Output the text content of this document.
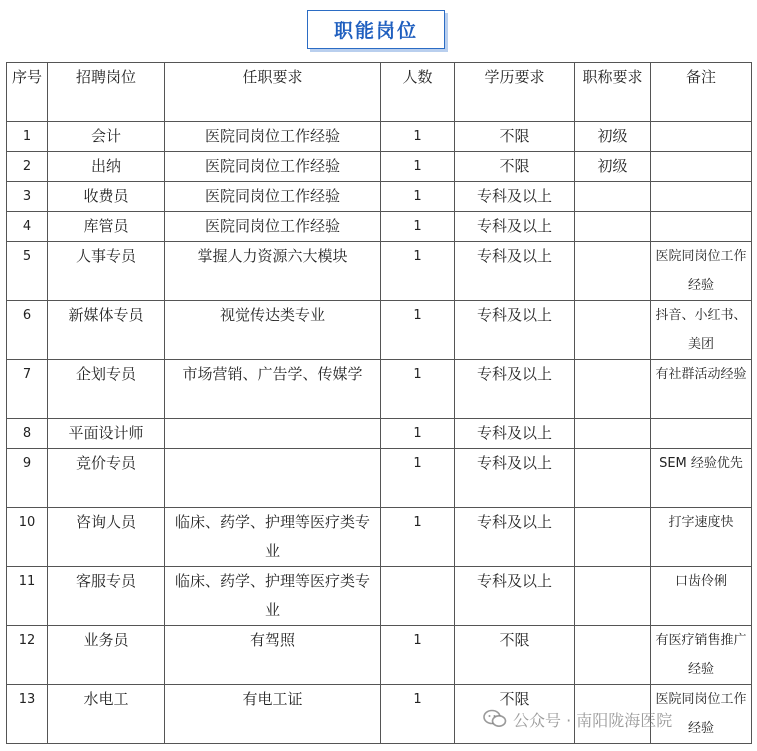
职能岗位
序号	招聘岗位	任职要求	人数	学历要求	职称要求	备注
1	会计	医院同岗位工作经验	1	不限	初级	
2	出纳	医院同岗位工作经验	1	不限	初级	
3	收费员	医院同岗位工作经验	1	专科及以上		
4	库管员	医院同岗位工作经验	1	专科及以上		
5	人事专员	掌握人力资源六大模块	1	专科及以上		医院同岗位工作经验
6	新媒体专员	视觉传达类专业	1	专科及以上		抖音、小红书、美团
7	企划专员	市场营销、广告学、传媒学	1	专科及以上		有社群活动经验
8	平面设计师		1	专科及以上		
9	竞价专员		1	专科及以上		SEM 经验优先
10	咨询人员	临床、药学、护理等医疗类专业	1	专科及以上		打字速度快
11	客服专员	临床、药学、护理等医疗类专业		专科及以上		口齿伶俐
12	业务员	有驾照	1	不限		有医疗销售推广经验
13	水电工	有电工证	1	不限		医院同岗位工作经验
公众号 · 南阳陇海医院
